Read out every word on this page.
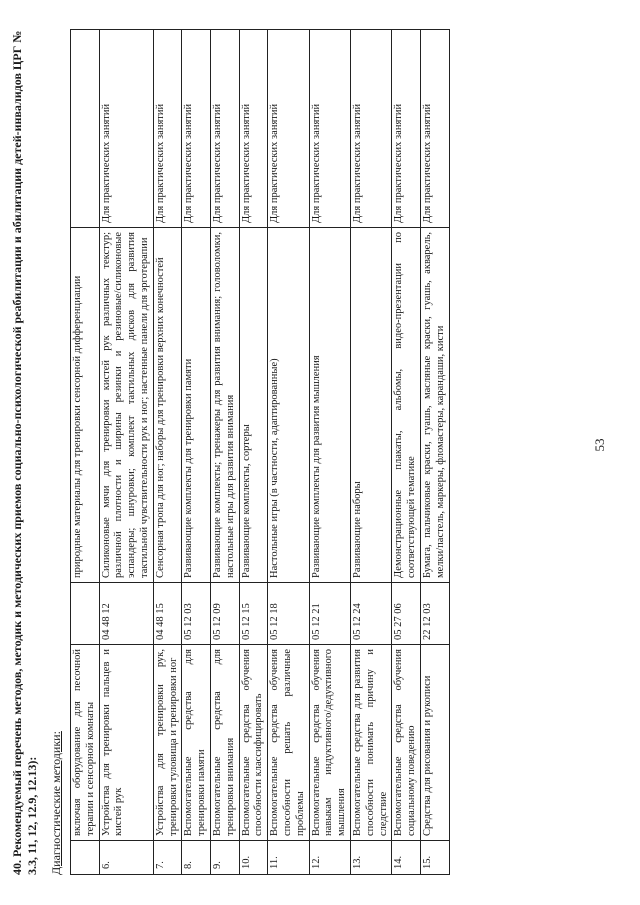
40. Рекомендуемый перечень методов, методик и методических приемов социально-психологической реабилитации и абилитации детей-инвалидов ЦРГ № 3.3, 11, 12, 12.9, 12.13): Диагностические методики:
	включая оборудование для песочной терапии и сенсорной комнаты		природные материалы для тренировки сенсорной дифференциации	
6.	Устройства для тренировки пальцев и кистей рук	04 48 12	Силиконовые мячи для тренировки кистей рук различных текстур; различной плотности и ширины резинки и резиновые/силиконовые эспандеры; шнуровки; комплект тактильных дисков для развития тактильной чувствительности рук и ног; настенные панели для эрготерапии	Для практических занятий
7.	Устройства для тренировки рук, тренировки туловища и тренировки ног	04 48 15	Сенсорная тропа для ног; наборы для тренировки верхних конечностей	Для практических занятий
8.	Вспомогательные средства для тренировки памяти	05 12 03	Развивающие комплекты для тренировки памяти	Для практических занятий
9.	Вспомогательные средства для тренировки внимания	05 12 09	Развивающие комплекты; тренажеры для развития внимания; головоломки, настольные игры для развития внимания	Для практических занятий
10.	Вспомогательные средства обучения способности классифицировать	05 12 15	Развивающие комплекты, сортеры	Для практических занятий
11.	Вспомогательные средства обучения способности решать различные проблемы	05 12 18	Настольные игры (в частности, адаптированные)	Для практических занятий
12.	Вспомогательные средства обучения навыкам индуктивного/дедуктивного мышления	05 12 21	Развивающие комплекты для развития мышления	Для практических занятий
13.	Вспомогательные средства для развития способности понимать причину и следствие	05 12 24	Развивающие наборы	Для практических занятий
14.	Вспомогательные средства обучения социальному поведению	05 27 06	Демонстрационные плакаты, альбомы, видео-презентации по соответствующей тематике	Для практических занятий
15.	Средства для рисования и рукописи	22 12 03	Бумага, пальчиковые краски, гуашь, масляные краски, гуашь, акварель, мелки/пастель, маркеры, фломастеры, карандаши, кисти	Для практических занятий
53
